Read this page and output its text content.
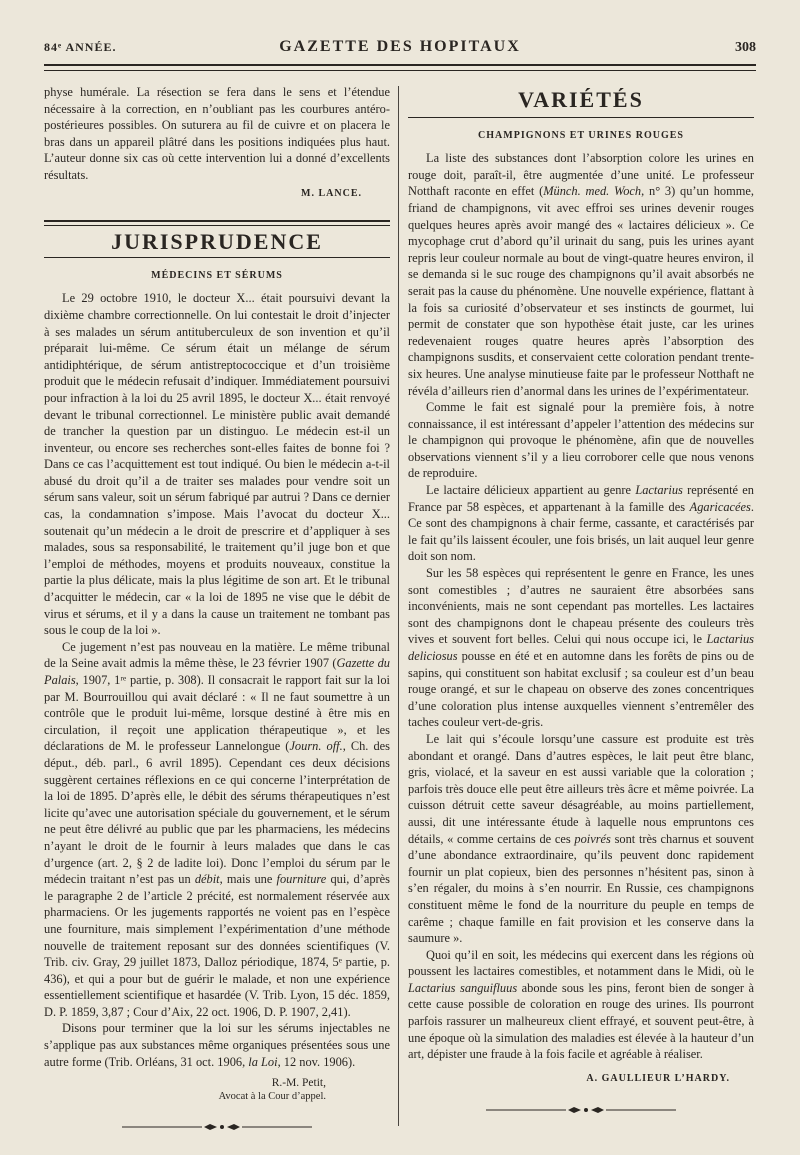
84ᵉ ANNÉE.	GAZETTE DES HOPITAUX	308

physe humérale. La résection se fera dans le sens et l’étendue nécessaire à la correction, en n’oubliant pas les courbures antéro-postérieures possibles. On suturera au fil de cuivre et on placera le bras dans un appareil plâtré dans les positions indiquées plus haut. L’auteur donne six cas où cette intervention lui a donné d’excellents résultats.

M. LANCE.
JURISPRUDENCE
MÉDECINS ET SÉRUMS

Le 29 octobre 1910, le docteur X... était poursuivi devant la dixième chambre correctionnelle. On lui contestait le droit d’injecter à ses malades un sérum antituberculeux de son invention et qu’il préparait lui-même. Ce sérum était un mélange de sérum antidiphtérique, de sérum antistreptococcique et d’un troisième produit que le médecin refusait d’indiquer. Immédiatement poursuivi pour infraction à la loi du 25 avril 1895, le docteur X... était renvoyé devant le tribunal correctionnel. Le ministère public avait demandé de trancher la question par un distinguo. Le médecin est-il un inventeur, ou encore ses recherches sont-elles faites de bonne foi ? Dans ce cas l’acquittement est tout indiqué. Ou bien le médecin a-t-il abusé du droit qu’il a de traiter ses malades pour vendre soit un sérum sans valeur, soit un sérum fabriqué par autrui ? Dans ce dernier cas, la condamnation s’impose. Mais l’avocat du docteur X... soutenait qu’un médecin a le droit de prescrire et d’appliquer à ses malades, sous sa responsabilité, le traitement qu’il juge bon et que l’emploi de méthodes, moyens et produits nouveaux, constitue la partie la plus délicate, mais la plus légitime de son art. Et le tribunal d’acquitter le médecin, car « la loi de 1895 ne vise que le débit de virus et sérums, et il y a dans la cause un traitement ne tombant pas sous le coup de la loi ».

Ce jugement n’est pas nouveau en la matière. Le même tribunal de la Seine avait admis la même thèse, le 23 février 1907 (Gazette du Palais, 1907, 1ʳᵉ partie, p. 308). Il consacrait le rapport fait sur la loi par M. Bourrouillou qui avait déclaré : « Il ne faut soumettre à un contrôle que le produit lui-même, lorsque destiné à être mis en circulation, il reçoit une application thérapeutique », et les déclarations de M. le professeur Lannelongue (Journ. off., Ch. des déput., déb. parl., 6 avril 1895). Cependant ces deux décisions suggèrent certaines réflexions en ce qui concerne l’interprétation de la loi de 1895. D’après elle, le débit des sérums thérapeutiques n’est licite qu’avec une autorisation spéciale du gouvernement, et le sérum ne peut être délivré au public que par les pharmaciens, les médecins n’ayant le droit de le fournir à leurs malades que dans le cas d’urgence (art. 2, § 2 de ladite loi). Donc l’emploi du sérum par le médecin traitant n’est pas un débit, mais une fourniture qui, d’après le paragraphe 2 de l’article 2 précité, est normalement réservée aux pharmaciens. Or les jugements rapportés ne voient pas en l’espèce une fourniture, mais simplement l’expérimentation d’une méthode nouvelle de traitement reposant sur des données scientifiques (V. Trib. civ. Gray, 29 juillet 1873, Dalloz périodique, 1874, 5ᵉ partie, p. 436), et qui a pour but de guérir le malade, et non une expérience essentiellement scientifique et hasardée (V. Trib. Lyon, 15 déc. 1859, D. P. 1859, 3,87 ; Cour d’Aix, 22 oct. 1906, D. P. 1907, 2,41).

Disons pour terminer que la loi sur les sérums injectables ne s’applique pas aux substances même organiques présentées sous une autre forme (Trib. Orléans, 31 oct. 1906, la Loi, 12 nov. 1906).

R.-M. Petit,
Avocat à la Cour d’appel.
VARIÉTÉS
CHAMPIGNONS ET URINES ROUGES

La liste des substances dont l’absorption colore les urines en rouge doit, paraît-il, être augmentée d’une unité. Le professeur Notthaft raconte en effet (Münch. med. Woch, n° 3) qu’un homme, friand de champignons, vit avec effroi ses urines devenir rouges quelques heures après avoir mangé des « lactaires délicieux ». Ce mycophage crut d’abord qu’il urinait du sang, puis les urines ayant repris leur couleur normale au bout de vingt-quatre heures environ, il se demanda si le suc rouge des champignons qu’il avait absorbés ne serait pas la cause du phénomène. Une nouvelle expérience, flattant à la fois sa curiosité d’observateur et ses instincts de gourmet, lui permit de constater que son hypothèse était juste, car les urines redevenaient rouges quatre heures après l’absorption des champignons susdits, et conservaient cette coloration pendant trente-six heures. Une analyse minutieuse faite par le professeur Notthaft ne révéla d’ailleurs rien d’anormal dans les urines de l’expérimentateur.

Comme le fait est signalé pour la première fois, à notre connaissance, il est intéressant d’appeler l’attention des médecins sur le champignon qui provoque le phénomène, afin que de nouvelles observations viennent s’il y a lieu corroborer celle que nous venons de reproduire.

Le lactaire délicieux appartient au genre Lactarius représenté en France par 58 espèces, et appartenant à la famille des Agaricacées. Ce sont des champignons à chair ferme, cassante, et caractérisés par le fait qu’ils laissent écouler, une fois brisés, un lait auquel leur genre doit son nom.

Sur les 58 espèces qui représentent le genre en France, les unes sont comestibles ; d’autres ne sauraient être absorbées sans inconvénients, mais ne sont cependant pas mortelles. Les lactaires sont des champignons dont le chapeau présente des couleurs très vives et souvent fort belles. Celui qui nous occupe ici, le Lactarius deliciosus pousse en été et en automne dans les forêts de pins ou de sapins, qui constituent son habitat exclusif ; sa couleur est d’un beau rouge orangé, et sur le chapeau on observe des zones concentriques d’une coloration plus intense auxquelles viennent s’entremêler des taches couleur vert-de-gris.

Le lait qui s’écoule lorsqu’une cassure est produite est très abondant et orangé. Dans d’autres espèces, le lait peut être blanc, gris, violacé, et la saveur en est aussi variable que la coloration ; parfois très douce elle peut être ailleurs très âcre et même poivrée. La cuisson détruit cette saveur désagréable, au moins partiellement, aussi, dit une intéressante étude à laquelle nous empruntons ces détails, « comme certains de ces poivrés sont très charnus et souvent d’une abondance extraordinaire, qu’ils peuvent donc rapidement fournir un plat copieux, bien des personnes n’hésitent pas, sinon à s’en régaler, du moins à s’en nourrir. En Russie, ces champignons constituent même le fond de la nourriture du peuple en temps de carême ; chaque famille en fait provision et les conserve dans la saumure ».

Quoi qu’il en soit, les médecins qui exercent dans les régions où poussent les lactaires comestibles, et notamment dans le Midi, où le Lactarius sanguifluus abonde sous les pins, feront bien de songer à cette cause possible de coloration en rouge des urines. Ils pourront parfois rassurer un malheureux client effrayé, et souvent peut-être, à une époque où la simulation des maladies est élevée à la hauteur d’un art, dépister une fraude à la fois facile et agréable à réaliser.

A. GAULLIEUR L’HARDY.
